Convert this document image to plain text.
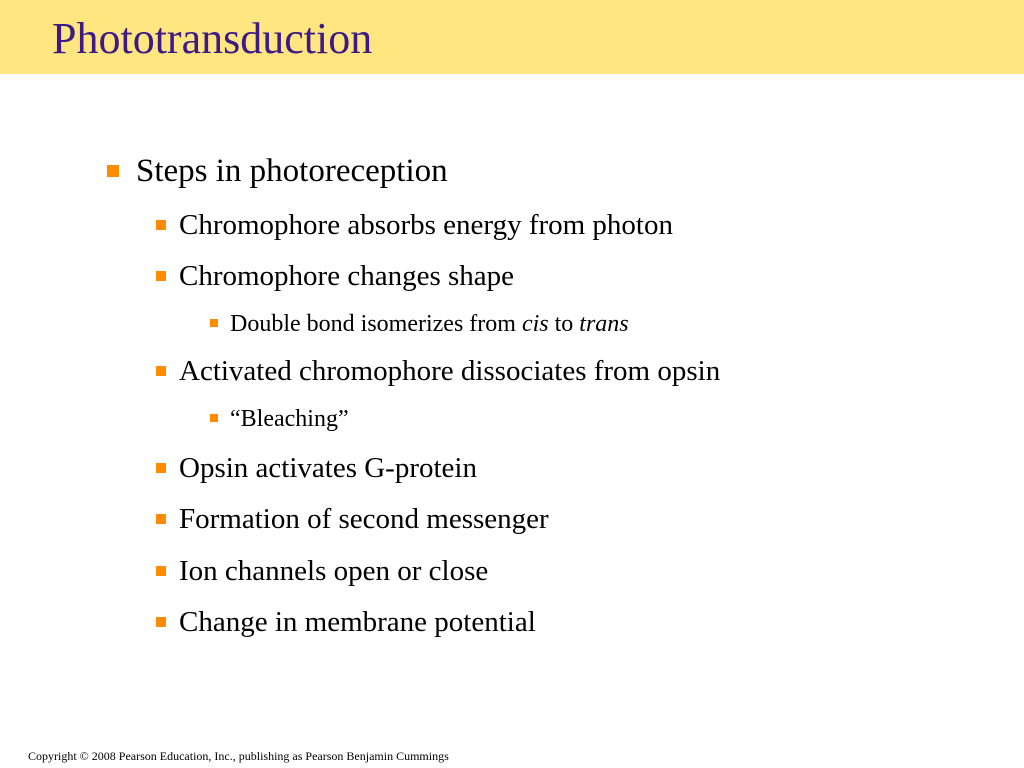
Phototransduction
Steps in photoreception
Chromophore absorbs energy from photon
Chromophore changes shape
Double bond isomerizes from cis to trans
Activated chromophore dissociates from opsin
“Bleaching”
Opsin activates G-protein
Formation of second messenger
Ion channels open or close
Change in membrane potential
Copyright © 2008 Pearson Education, Inc., publishing as Pearson Benjamin Cummings
